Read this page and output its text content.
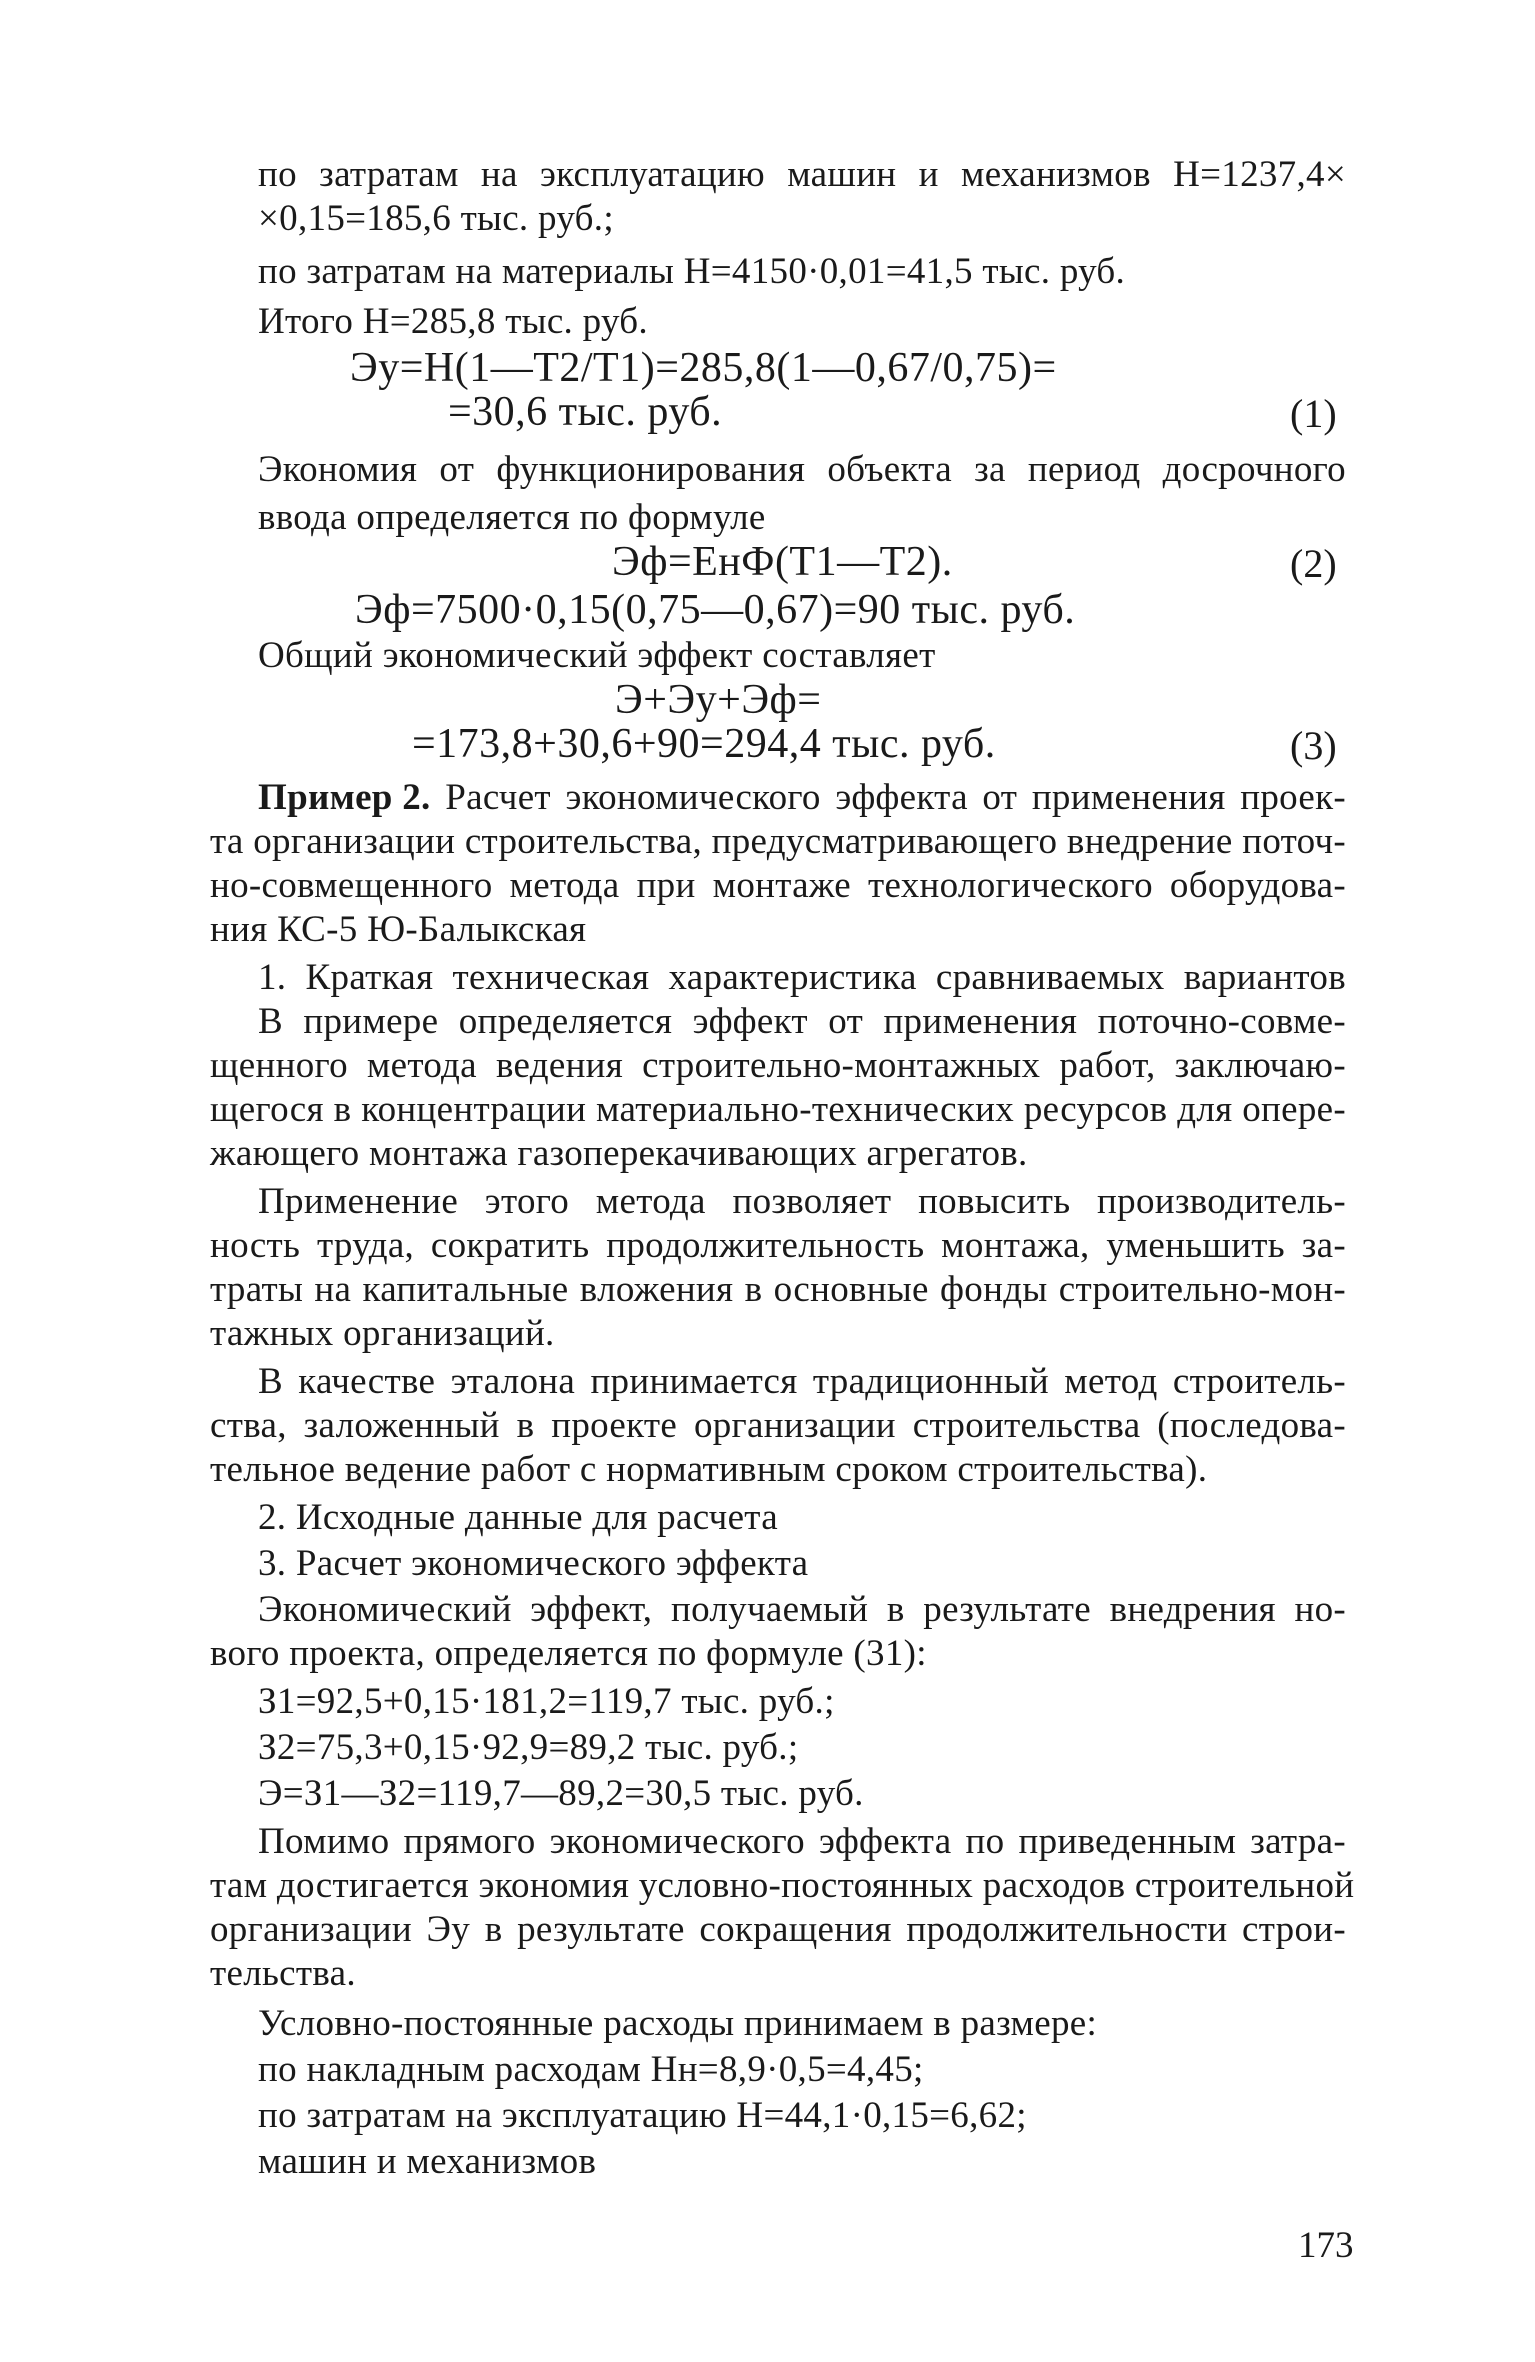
по затратам на эксплуатацию машин и механизмов Н=1237,4×
×0,15=185,6 тыс. руб.;
по затратам на материалы Н=4150·0,01=41,5 тыс. руб.
Итого Н=285,8 тыс. руб.
Эу=Н(1—Т2/Т1)=285,8(1—0,67/0,75)=
=30,6 тыс. руб.	(1)
Экономия от функционирования объекта за период досрочного
ввода определяется по формуле
Эф=ЕнФ(Т1—Т2).	(2)
Эф=7500·0,15(0,75—0,67)=90 тыс. руб.
Общий экономический эффект составляет
Э+Эу+Эф=
=173,8+30,6+90=294,4 тыс. руб.	(3)
Пример 2. Расчет экономического эффекта от применения проек-
та организации строительства, предусматривающего внедрение поточ-
но-совмещенного метода при монтаже технологического оборудова-
ния КС-5 Ю-Балыкская
1. Краткая техническая характеристика сравниваемых вариантов
В примере определяется эффект от применения поточно-совме-
щенного метода ведения строительно-монтажных работ, заключаю-
щегося в концентрации материально-технических ресурсов для опере-
жающего монтажа газоперекачивающих агрегатов.
Применение этого метода позволяет повысить производитель-
ность труда, сократить продолжительность монтажа, уменьшить за-
траты на капитальные вложения в основные фонды строительно-мон-
тажных организаций.
В качестве эталона принимается традиционный метод строитель-
ства, заложенный в проекте организации строительства (последова-
тельное ведение работ с нормативным сроком строительства).
2. Исходные данные для расчета
3. Расчет экономического эффекта
Экономический эффект, получаемый в результате внедрения но-
вого проекта, определяется по формуле (31):
З1=92,5+0,15·181,2=119,7 тыс. руб.;
З2=75,3+0,15·92,9=89,2 тыс. руб.;
Э=З1—З2=119,7—89,2=30,5 тыс. руб.
Помимо прямого экономического эффекта по приведенным затра-
там достигается экономия условно-постоянных расходов строительной
организации Эу в результате сокращения продолжительности строи-
тельства.
Условно-постоянные расходы принимаем в размере:
по накладным расходам Нн=8,9·0,5=4,45;
по затратам на эксплуатацию Н=44,1·0,15=6,62;
машин и механизмов
173
